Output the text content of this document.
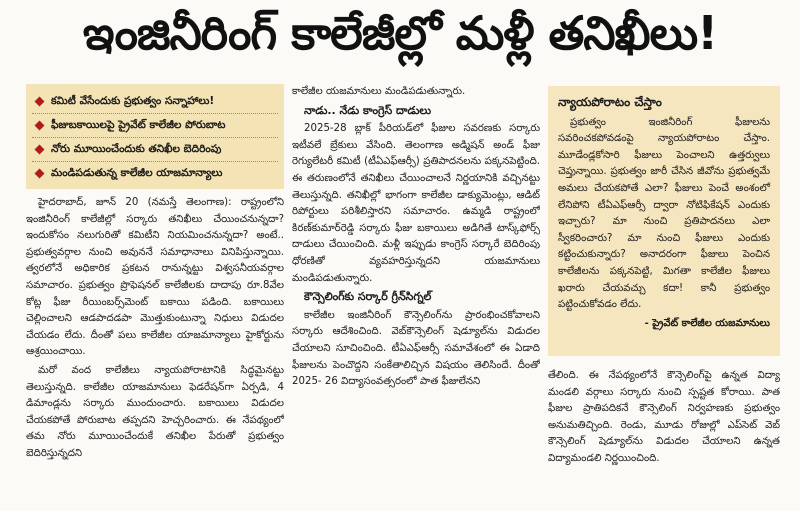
ఇంజినీరింగ్ కాలేజీల్లో మళ్లీ తనిఖీలు!
కమిటీ వేసేందుకు ప్రభుత్వం సన్నాహాలు!
ఫీజుబకాయిలపై ప్రైవేట్ కాలేజీల పోరుబాట
నోరు మూయించేందుకు తనిఖీల బెదిరింపు
మండిపడుతున్న కాలేజీల యాజమాన్యాలు

హైదరాబాద్, జూన్ 20 (నమస్తే తెలంగాణ): రాష్ట్రంలోని ఇంజినీరింగ్ కాలేజీల్లో సర్కారు తనిఖీలు చేయించనున్నదా? ఇందుకోసం నలుగురితో కమిటీని నియమించనున్నదా? అంటే.. ప్రభుత్వవర్గాల నుంచి అవుననే సమాధానాలు వినిపిస్తున్నాయి. త్వరలోనే అధికారిక ప్రకటన రానున్నట్టు విశ్వసనీయవర్గాల సమాచారం. ప్రభుత్వం ప్రొఫెషనల్ కాలేజీలకు దాదాపు రూ.8వేల కోట్ల ఫీజు రీయింబర్స్‌మెంట్ బకాయి పడింది. బకాయిలు చెల్లించాలని ఆడపాదడపా మొత్తుకుంటున్నా నిధులు విడుదల చేయడం లేదు. దీంతో పలు కాలేజీల యాజమాన్యాలు హైకోర్టును ఆశ్రయించాయి.

మరో వంద కాలేజీలు న్యాయపోరాటానికి సిద్ధమైనట్టు తెలుస్తున్నది. కాలేజీల యాజమానులు ఫెడరేషన్‌గా ఏర్పడి, 4 డిమాండ్లను సర్కారు ముందుంచారు. బకాయిలు విడుదల చేయకపోతే పోరుబాట తప్పదని హెచ్చరించారు. ఈ నేపథ్యంలో తమ నోరు మూయించేందుకే తనిఖీల పేరుతో ప్రభుత్వం బెదిరిస్తున్నదని

కాలేజీల యజమానులు మండిపడుతున్నారు.

నాడు.. నేడు కాంగ్రెస్ దాడులు

2025-28 బ్లాక్ పీరియడ్‌లో ఫీజుల సవరణకు సర్కారు ఇటీవలే బ్రేకులు వేసింది. తెలంగాణ అడ్మిషన్ అండ్ ఫీజు రెగ్యులేటరీ కమిటీ (టీఏఎఫ్ఆర్సీ) ప్రతిపాదనలను పక్కనపెట్టింది. ఈ తరుణంలోనే తనిఖీలు చేయించాలనే నిర్ణయానికి వచ్చినట్టు తెలుస్తున్నది. తనిఖీల్లో భాగంగా కాలేజీల డాక్యుమెంట్లు, ఆడిట్ రిపోర్టులు పరిశీలిస్తారని సమాచారం. ఉమ్మడి రాష్ట్రంలో కిరణ్‌కుమార్‌రెడ్డి సర్కారు ఫీజు బకాయిలు అడిగితే టాస్క్‌ఫోర్స్ దాడులు చేయించింది. మళ్లీ ఇప్పుడు కాంగ్రెస్ సర్కారే బెదిరింపు ధోరణితో వ్యవహరిస్తున్నదని యజమానులు మండిపడుతున్నారు.

కౌన్సెలింగ్‌కు సర్కార్ గ్రీన్‌సిగ్నల్

కాలేజీల ఇంజినీరింగ్ కౌన్సెలింగ్‌ను ప్రారంభించకోవాలని సర్కారు ఆదేశించింది. వెబ్‌కౌన్సెలింగ్ షెడ్యూల్‌ను విడుదల చేయాలని సూచించింది. టీఏఎఫ్ఆర్సీ సమావేశంలో ఈ ఏడాది ఫీజులను పెంచొద్దని సంకేతాలిచ్చిన విషయం తెలిసిందే. దీంతో 2025- 26 విద్యాసంవత్సరంలో పాత ఫీజులేనని

న్యాయపోరాటం చేస్తాం

ప్రభుత్వం ఇంజినీరింగ్ ఫీజులను సవరించకపోవడంపై న్యాయపోరాటం చేస్తాం. మూడేండ్లకోసారి ఫీజులు పెంచాలని ఉత్తర్వులు చెప్తున్నాయి. ప్రభుత్వం జారీ చేసిన జీవోను ప్రభుత్వమే అమలు చేయకపోతే ఎలా? ఫీజులు పెంచే అంశంలో లేనిపోని టీఏఎఫ్ఆర్సీ ద్వారా నోటిఫికేషన్ ఎందుకు ఇచ్చారు? మా నుంచి ప్రతిపాదనలు ఎలా స్వీకరించారు? మా నుంచి ఫీజులు ఎందుకు కట్టించుకున్నారు? అనాదరంగా ఫీజులు పెంచిన కాలేజీలను పక్కనపెట్టి, మిగతా కాలేజీల ఫీజులు ఖరారు చేయవచ్చు కదా! కానీ ప్రభుత్వం పట్టించుకోవడం లేదు.

- ప్రైవేట్ కాలేజీల యజమానులు

తేలింది. ఈ నేపథ్యంలోనే కౌన్సెలింగ్‌పై ఉన్నత విద్యా మండలి వర్గాలు సర్కారు నుంచి స్పష్టత కోరాయి. పాత ఫీజుల ప్రాతిపదికనే కౌన్సెలింగ్ నిర్వహణకు ప్రభుత్వం అనుమతిచ్చింది. రెండు, మూడు రోజుల్లో ఎప్‌సెట్ వెబ్ కౌన్సెలింగ్ షెడ్యూల్‌ను విడుదల చేయాలని ఉన్నత విద్యామండలి నిర్ణయించింది.
